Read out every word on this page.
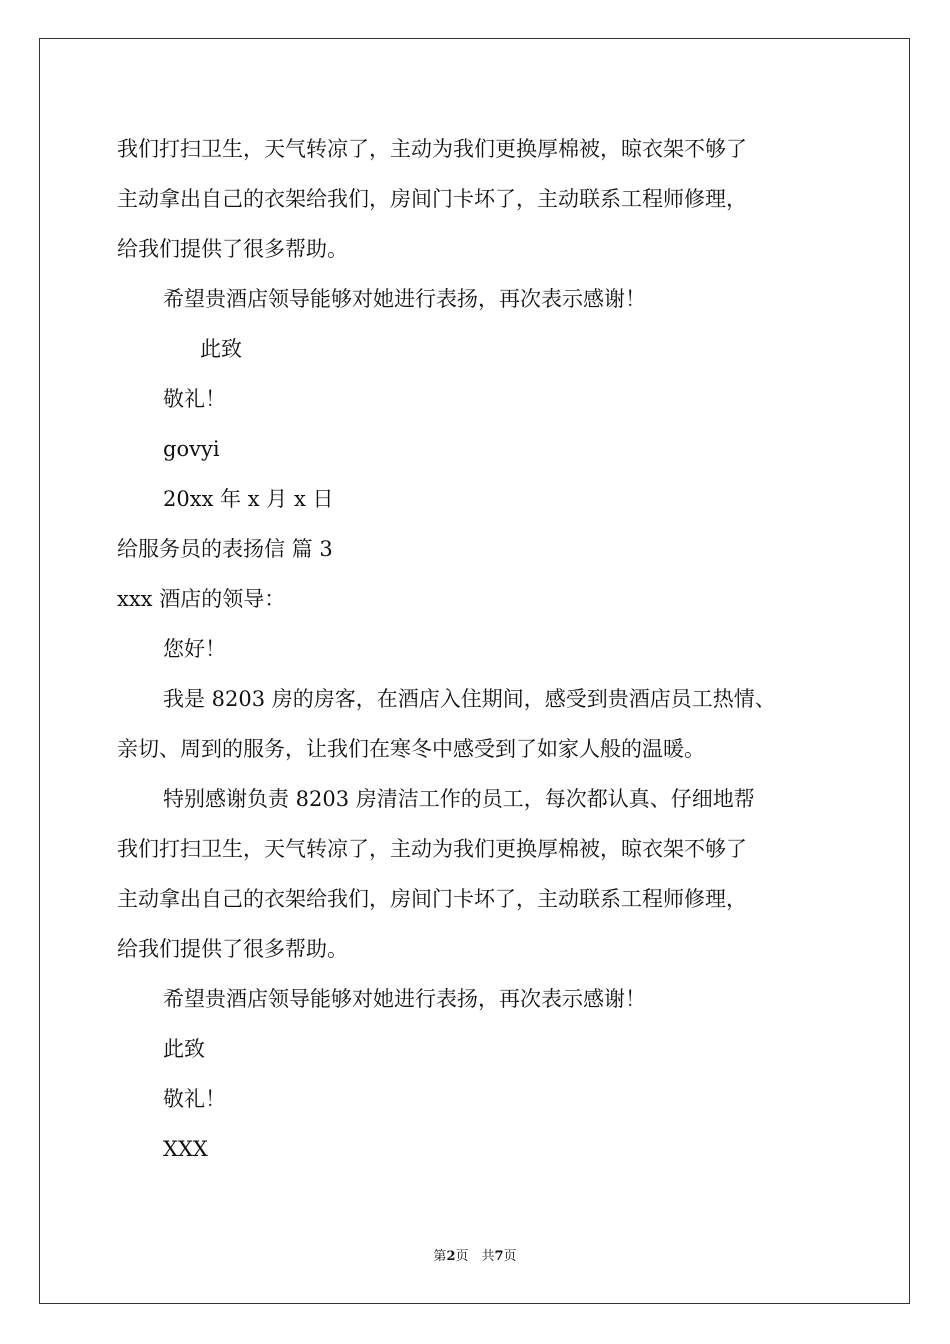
我们打扫卫生，天气转凉了，主动为我们更换厚棉被，晾衣架不够了
主动拿出自己的衣架给我们，房间门卡坏了，主动联系工程师修理，
给我们提供了很多帮助。
希望贵酒店领导能够对她进行表扬，再次表示感谢！
此致
敬礼！
govyi
20xx 年 x 月 x 日
给服务员的表扬信 篇 3
xxx 酒店的领导：
您好！
我是 8203 房的房客，在酒店入住期间，感受到贵酒店员工热情、
亲切、周到的服务，让我们在寒冬中感受到了如家人般的温暖。
特别感谢负责 8203 房清洁工作的员工，每次都认真、仔细地帮
我们打扫卫生，天气转凉了，主动为我们更换厚棉被，晾衣架不够了
主动拿出自己的衣架给我们，房间门卡坏了，主动联系工程师修理，
给我们提供了很多帮助。
希望贵酒店领导能够对她进行表扬，再次表示感谢！
此致
敬礼！
XXX
第2页　共7页
